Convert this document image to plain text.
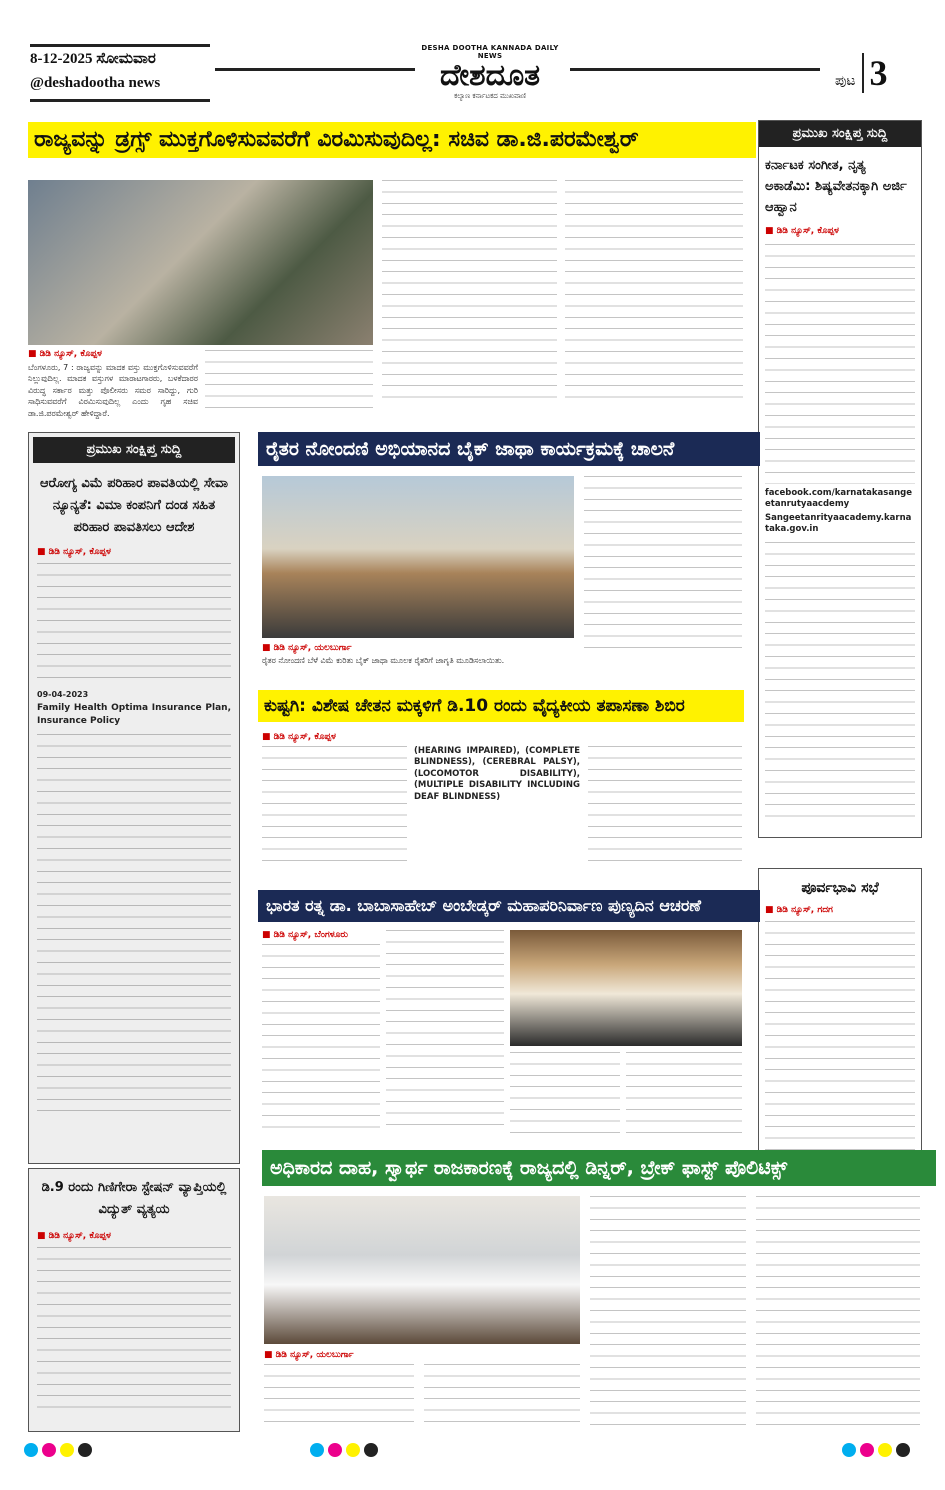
8-12-2025 ಸೋಮವಾರ
@deshadootha news
DESHA DOOTHA KANNADA DAILY NEWS
ದೇಶದೂತ
ಕಲ್ಯಾಣ ಕರ್ನಾಟಕದ ಮುಖವಾಣಿ
ಪುಟ 3
ರಾಜ್ಯವನ್ನು ಡ್ರಗ್ಸ್ ಮುಕ್ತಗೊಳಿಸುವವರೆಗೆ ವಿರಮಿಸುವುದಿಲ್ಲ: ಸಚಿವ ಡಾ.ಜಿ.ಪರಮೇಶ್ವರ್
■ ಡಿಡಿ ನ್ಯೂಸ್, ಕೊಪ್ಪಳ
ಬೆಂಗಳೂರು, 7 : ರಾಜ್ಯವನ್ನು ಮಾದಕ ವಸ್ತು ಮುಕ್ತಗೊಳಿಸುವವರೆಗೆ ನಿಲ್ಲುವುದಿಲ್ಲ. ಮಾದಕ ವಸ್ತುಗಳ ಮಾರಾಟಗಾರರು, ಬಳಕೆದಾರರ ವಿರುದ್ಧ ಸರ್ಕಾರ ಮತ್ತು ಪೊಲೀಸರು ಸಮರ ಸಾರಿದ್ದು, ಗುರಿ ಸಾಧಿಸುವವರೆಗೆ ವಿರಮಿಸುವುದಿಲ್ಲ ಎಂದು ಗೃಹ ಸಚಿವ ಡಾ.ಜಿ.ಪರಮೇಶ್ವರ್ ಹೇಳಿದ್ದಾರೆ.
ಪ್ರಮುಖ ಸಂಕ್ಷಿಪ್ತ ಸುದ್ದಿ
ಕರ್ನಾಟಕ ಸಂಗೀತ, ನೃತ್ಯ ಅಕಾಡೆಮಿ: ಶಿಷ್ಯವೇತನಕ್ಕಾಗಿ ಅರ್ಜಿ ಆಹ್ವಾನ
■ ಡಿಡಿ ನ್ಯೂಸ್, ಕೊಪ್ಪಳ
facebook.com/karnatakasangeetanrutyaacdemy
Sangeetanrityaacademy.karnataka.gov.in
ಪೂರ್ವಭಾವಿ ಸಭೆ
■ ಡಿಡಿ ನ್ಯೂಸ್, ಗದಗ
ಪ್ರಮುಖ ಸಂಕ್ಷಿಪ್ತ ಸುದ್ದಿ
ಆರೋಗ್ಯ ವಿಮೆ ಪರಿಹಾರ ಪಾವತಿಯಲ್ಲಿ ಸೇವಾ ನ್ಯೂನ್ಯತೆ: ವಿಮಾ ಕಂಪನಿಗೆ ದಂಡ ಸಹಿತ ಪರಿಹಾರ ಪಾವತಿಸಲು ಆದೇಶ
■ ಡಿಡಿ ನ್ಯೂಸ್, ಕೊಪ್ಪಳ
09-04-2023
Family Health Optima Insurance Plan, Insurance Policy
ಡಿ.9 ರಂದು ಗಿಣಿಗೇರಾ ಸ್ಟೇಷನ್ ವ್ಯಾಪ್ತಿಯಲ್ಲಿ ವಿದ್ಯುತ್ ವ್ಯತ್ಯಯ
■ ಡಿಡಿ ನ್ಯೂಸ್, ಕೊಪ್ಪಳ
ರೈತರ ನೋಂದಣಿ ಅಭಿಯಾನದ ಬೈಕ್ ಜಾಥಾ ಕಾರ್ಯಕ್ರಮಕ್ಕೆ ಚಾಲನೆ
■ ಡಿಡಿ ನ್ಯೂಸ್, ಯಲಬುರ್ಗಾ
ರೈತರ ನೋಂದಣಿ ಬೆಳೆ ವಿಮೆ ಕುರಿತು ಬೈಕ್ ಜಾಥಾ ಮೂಲಕ ರೈತರಿಗೆ ಜಾಗೃತಿ ಮೂಡಿಸಲಾಯಿತು.
ಕುಷ್ಟಗಿ: ವಿಶೇಷ ಚೇತನ ಮಕ್ಕಳಿಗೆ ಡಿ.10 ರಂದು ವೈದ್ಯಕೀಯ ತಪಾಸಣಾ ಶಿಬಿರ
■ ಡಿಡಿ ನ್ಯೂಸ್, ಕೊಪ್ಪಳ
(HEARING IMPAIRED), (COMPLETE BLINDNESS), (CEREBRAL PALSY), (LOCOMOTOR DISABILITY), (MULTIPLE DISABILITY INCLUDING DEAF BLINDNESS)
ಭಾರತ ರತ್ನ ಡಾ. ಬಾಬಾಸಾಹೇಬ್ ಅಂಬೇಡ್ಕರ್ ಮಹಾಪರಿನಿರ್ವಾಣ ಪುಣ್ಯದಿನ ಆಚರಣೆ
■ ಡಿಡಿ ನ್ಯೂಸ್, ಬೆಂಗಳೂರು
ಅಧಿಕಾರದ ದಾಹ, ಸ್ವಾರ್ಥ ರಾಜಕಾರಣಕ್ಕೆ ರಾಜ್ಯದಲ್ಲಿ ಡಿನ್ನರ್, ಬ್ರೇಕ್ ಫಾಸ್ಟ್ ಪೊಲಿಟಿಕ್ಸ್
■ ಡಿಡಿ ನ್ಯೂಸ್, ಯಲಬುರ್ಗಾ
